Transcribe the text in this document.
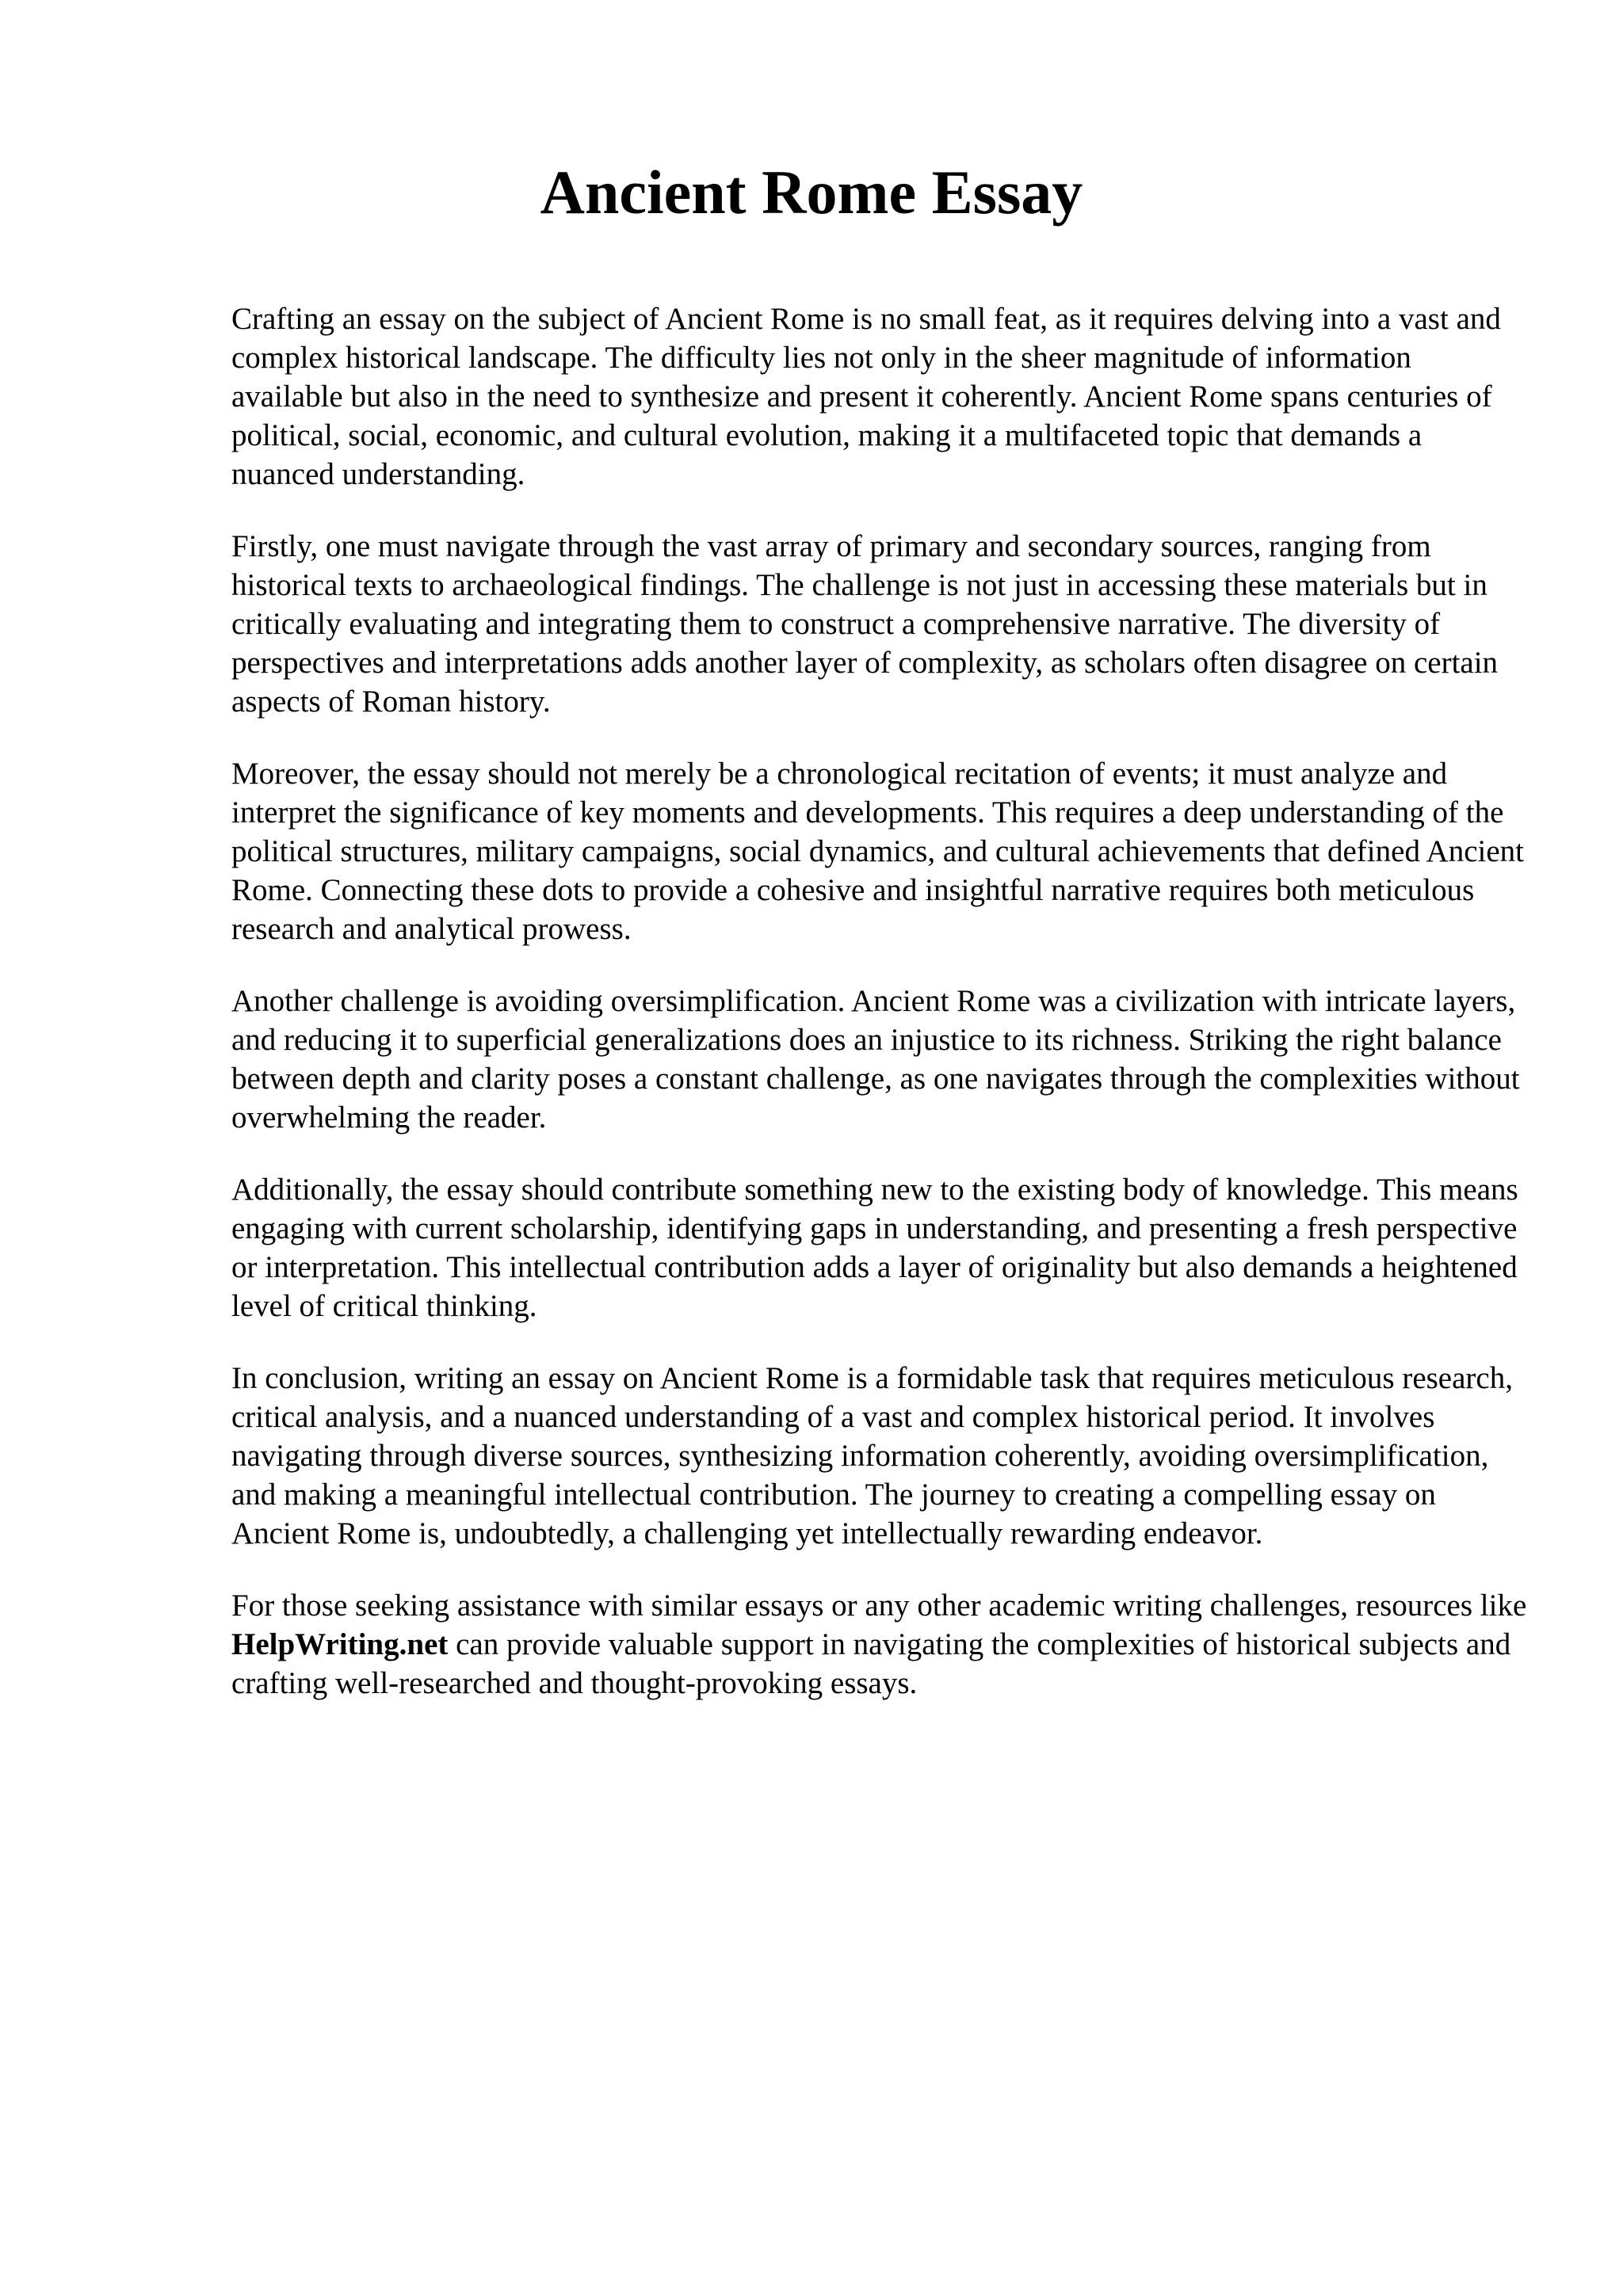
Ancient Rome Essay

Crafting an essay on the subject of Ancient Rome is no small feat, as it requires delving into a vast and complex historical landscape. The difficulty lies not only in the sheer magnitude of information available but also in the need to synthesize and present it coherently. Ancient Rome spans centuries of political, social, economic, and cultural evolution, making it a multifaceted topic that demands a nuanced understanding.

Firstly, one must navigate through the vast array of primary and secondary sources, ranging from historical texts to archaeological findings. The challenge is not just in accessing these materials but in critically evaluating and integrating them to construct a comprehensive narrative. The diversity of perspectives and interpretations adds another layer of complexity, as scholars often disagree on certain aspects of Roman history.

Moreover, the essay should not merely be a chronological recitation of events; it must analyze and interpret the significance of key moments and developments. This requires a deep understanding of the political structures, military campaigns, social dynamics, and cultural achievements that defined Ancient Rome. Connecting these dots to provide a cohesive and insightful narrative requires both meticulous research and analytical prowess.

Another challenge is avoiding oversimplification. Ancient Rome was a civilization with intricate layers, and reducing it to superficial generalizations does an injustice to its richness. Striking the right balance between depth and clarity poses a constant challenge, as one navigates through the complexities without overwhelming the reader.

Additionally, the essay should contribute something new to the existing body of knowledge. This means engaging with current scholarship, identifying gaps in understanding, and presenting a fresh perspective or interpretation. This intellectual contribution adds a layer of originality but also demands a heightened level of critical thinking.

In conclusion, writing an essay on Ancient Rome is a formidable task that requires meticulous research, critical analysis, and a nuanced understanding of a vast and complex historical period. It involves navigating through diverse sources, synthesizing information coherently, avoiding oversimplification, and making a meaningful intellectual contribution. The journey to creating a compelling essay on Ancient Rome is, undoubtedly, a challenging yet intellectually rewarding endeavor.

For those seeking assistance with similar essays or any other academic writing challenges, resources like HelpWriting.net can provide valuable support in navigating the complexities of historical subjects and crafting well-researched and thought-provoking essays.
